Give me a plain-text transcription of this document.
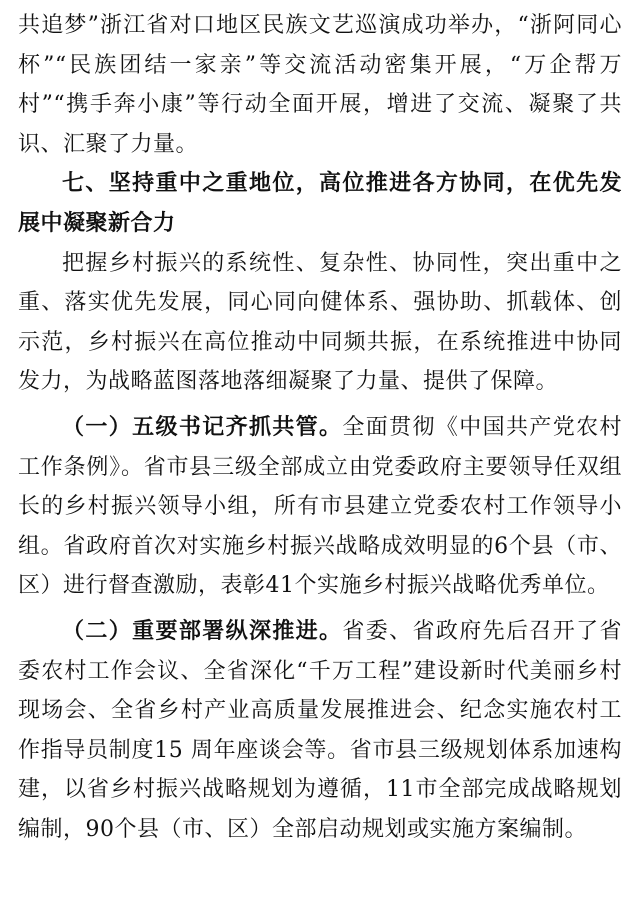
共追梦”浙江省对口地区民族文艺巡演成功举办，“浙阿同心杯”“民族团结一家亲”等交流活动密集开展，“万企帮万村”“携手奔小康”等行动全面开展，增进了交流、凝聚了共识、汇聚了力量。

七、坚持重中之重地位，高位推进各方协同，在优先发展中凝聚新合力

把握乡村振兴的系统性、复杂性、协同性，突出重中之重、落实优先发展，同心同向健体系、强协助、抓载体、创示范，乡村振兴在高位推动中同频共振，在系统推进中协同发力，为战略蓝图落地落细凝聚了力量、提供了保障。

（一）五级书记齐抓共管。全面贯彻《中国共产党农村工作条例》。省市县三级全部成立由党委政府主要领导任双组长的乡村振兴领导小组，所有市县建立党委农村工作领导小组。省政府首次对实施乡村振兴战略成效明显的6个县（市、区）进行督查激励，表彰41个实施乡村振兴战略优秀单位。

（二）重要部署纵深推进。省委、省政府先后召开了省委农村工作会议、全省深化“千万工程”建设新时代美丽乡村现场会、全省乡村产业高质量发展推进会、纪念实施农村工作指导员制度15 周年座谈会等。省市县三级规划体系加速构建，以省乡村振兴战略规划为遵循，11市全部完成战略规划编制，90个县（市、区）全部启动规划或实施方案编制。
